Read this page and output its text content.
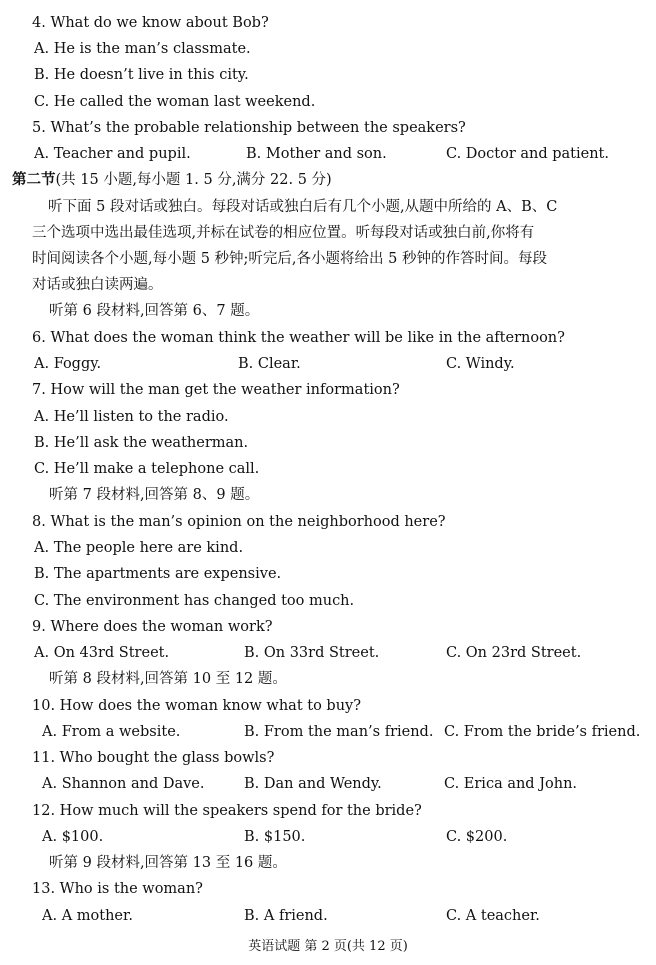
4. What do we know about Bob?
A. He is the man’s classmate.
B. He doesn’t live in this city.
C. He called the woman last weekend.
5. What’s the probable relationship between the speakers?
A. Teacher and pupil.	B. Mother and son.	C. Doctor and patient.
第二节(共 15 小题,每小题 1. 5 分,满分 22. 5 分)
听下面 5 段对话或独白。每段对话或独白后有几个小题,从题中所给的 A、B、C
三个选项中选出最佳选项,并标在试卷的相应位置。听每段对话或独白前,你将有
时间阅读各个小题,每小题 5 秒钟;听完后,各小题将给出 5 秒钟的作答时间。每段
对话或独白读两遍。
听第 6 段材料,回答第 6、7 题。
6. What does the woman think the weather will be like in the afternoon?
A. Foggy.	B. Clear.	C. Windy.
7. How will the man get the weather information?
A. He’ll listen to the radio.
B. He’ll ask the weatherman.
C. He’ll make a telephone call.
听第 7 段材料,回答第 8、9 题。
8. What is the man’s opinion on the neighborhood here?
A. The people here are kind.
B. The apartments are expensive.
C. The environment has changed too much.
9. Where does the woman work?
A. On 43rd Street.	B. On 33rd Street.	C. On 23rd Street.
听第 8 段材料,回答第 10 至 12 题。
10. How does the woman know what to buy?
A. From a website.	B. From the man’s friend. C. From the bride’s friend.
11. Who bought the glass bowls?
A. Shannon and Dave.	B. Dan and Wendy.	C. Erica and John.
12. How much will the speakers spend for the bride?
A. $100.	B. $150.	C. $200.
听第 9 段材料,回答第 13 至 16 题。
13. Who is the woman?
A. A mother.	B. A friend.	C. A teacher.
英语试题 第 2 页(共 12 页)
